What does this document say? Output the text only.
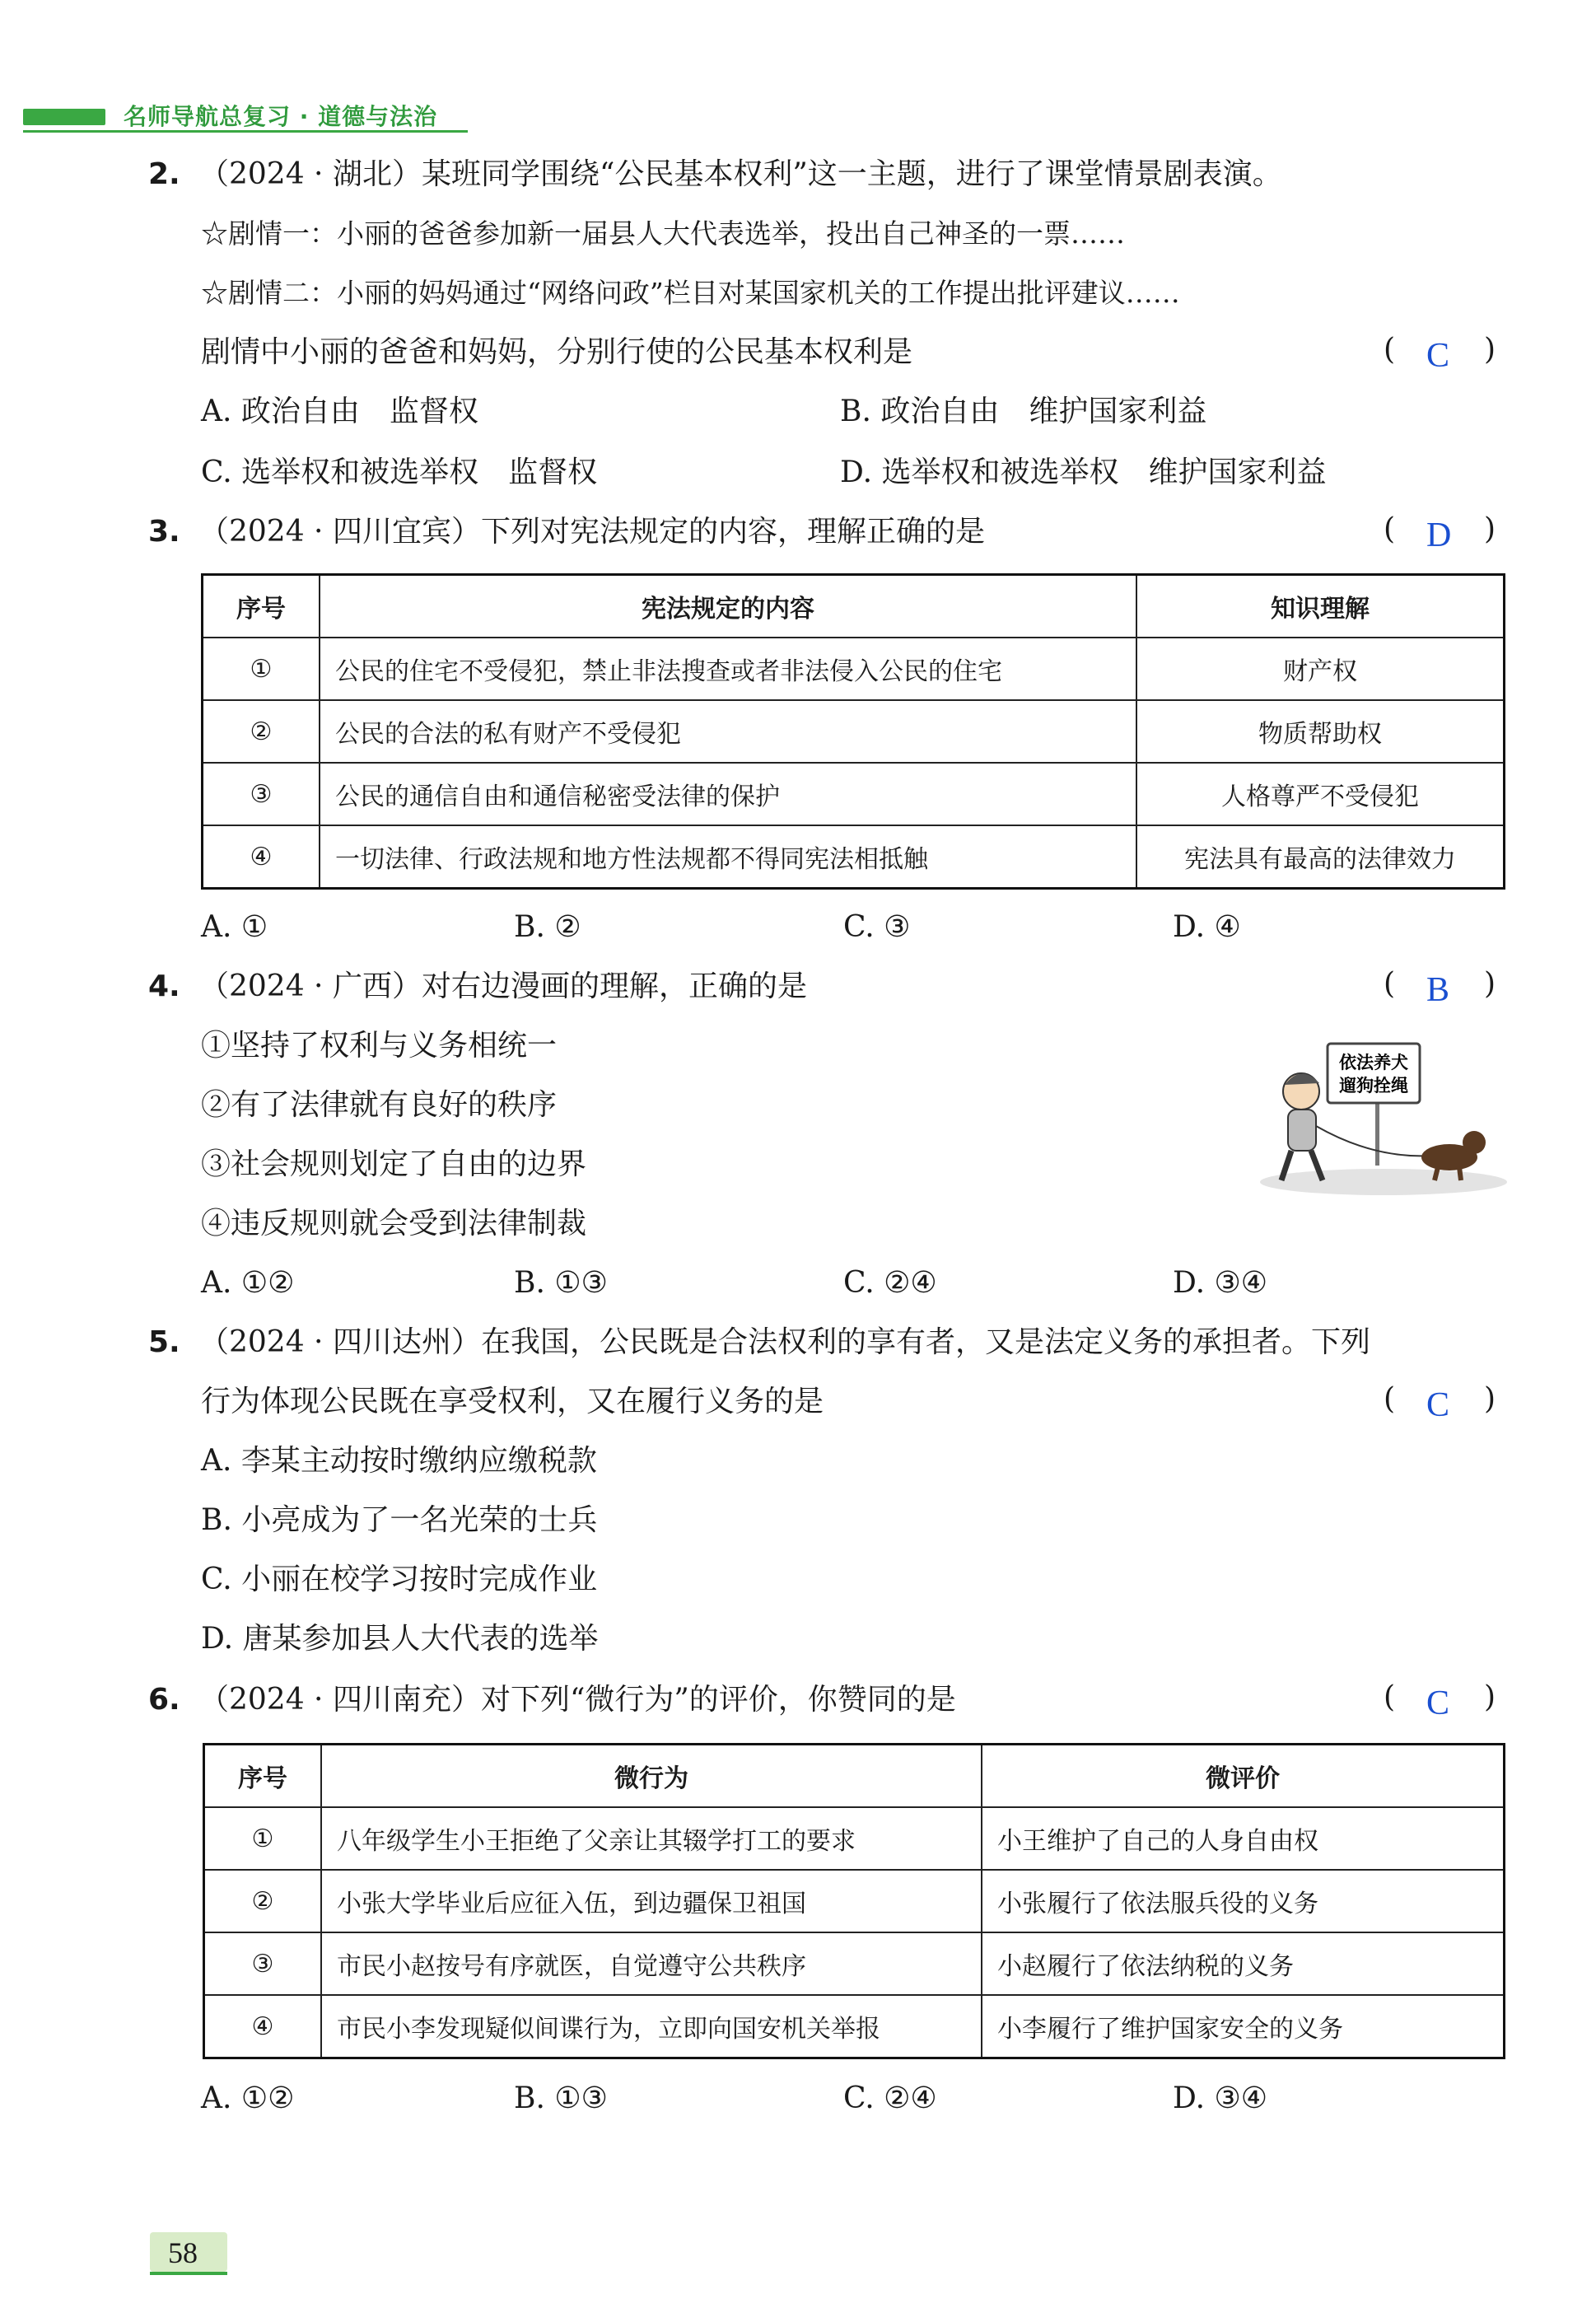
名师导航总复习 · 道德与法治
2. （2024 · 湖北）某班同学围绕“公民基本权利”这一主题，进行了课堂情景剧表演。
☆剧情一：小丽的爸爸参加新一届县人大代表选举，投出自己神圣的一票……
☆剧情二：小丽的妈妈通过“网络问政”栏目对某国家机关的工作提出批评建议……
剧情中小丽的爸爸和妈妈，分别行使的公民基本权利是	( C )
A. 政治自由　监督权	B. 政治自由　维护国家利益
C. 选举权和被选举权　监督权	D. 选举权和被选举权　维护国家利益
3. （2024 · 四川宜宾）下列对宪法规定的内容，理解正确的是	( D )
序号	宪法规定的内容	知识理解
①	公民的住宅不受侵犯，禁止非法搜查或者非法侵入公民的住宅	财产权
②	公民的合法的私有财产不受侵犯	物质帮助权
③	公民的通信自由和通信秘密受法律的保护	人格尊严不受侵犯
④	一切法律、行政法规和地方性法规都不得同宪法相抵触	宪法具有最高的法律效力
A. ①	B. ②	C. ③	D. ④
4. （2024 · 广西）对右边漫画的理解，正确的是	( B )
①坚持了权利与义务相统一
②有了法律就有良好的秩序
③社会规则划定了自由的边界
④违反规则就会受到法律制裁
依法养犬
遛狗拴绳
A. ①②	B. ①③	C. ②④	D. ③④
5. （2024 · 四川达州）在我国，公民既是合法权利的享有者，又是法定义务的承担者。下列
行为体现公民既在享受权利，又在履行义务的是	( C )
A. 李某主动按时缴纳应缴税款
B. 小亮成为了一名光荣的士兵
C. 小丽在校学习按时完成作业
D. 唐某参加县人大代表的选举
6. （2024 · 四川南充）对下列“微行为”的评价，你赞同的是	( C )
序号	微行为	微评价
①	八年级学生小王拒绝了父亲让其辍学打工的要求	小王维护了自己的人身自由权
②	小张大学毕业后应征入伍，到边疆保卫祖国	小张履行了依法服兵役的义务
③	市民小赵按号有序就医，自觉遵守公共秩序	小赵履行了依法纳税的义务
④	市民小李发现疑似间谍行为，立即向国安机关举报	小李履行了维护国家安全的义务
A. ①②	B. ①③	C. ②④	D. ③④
58
